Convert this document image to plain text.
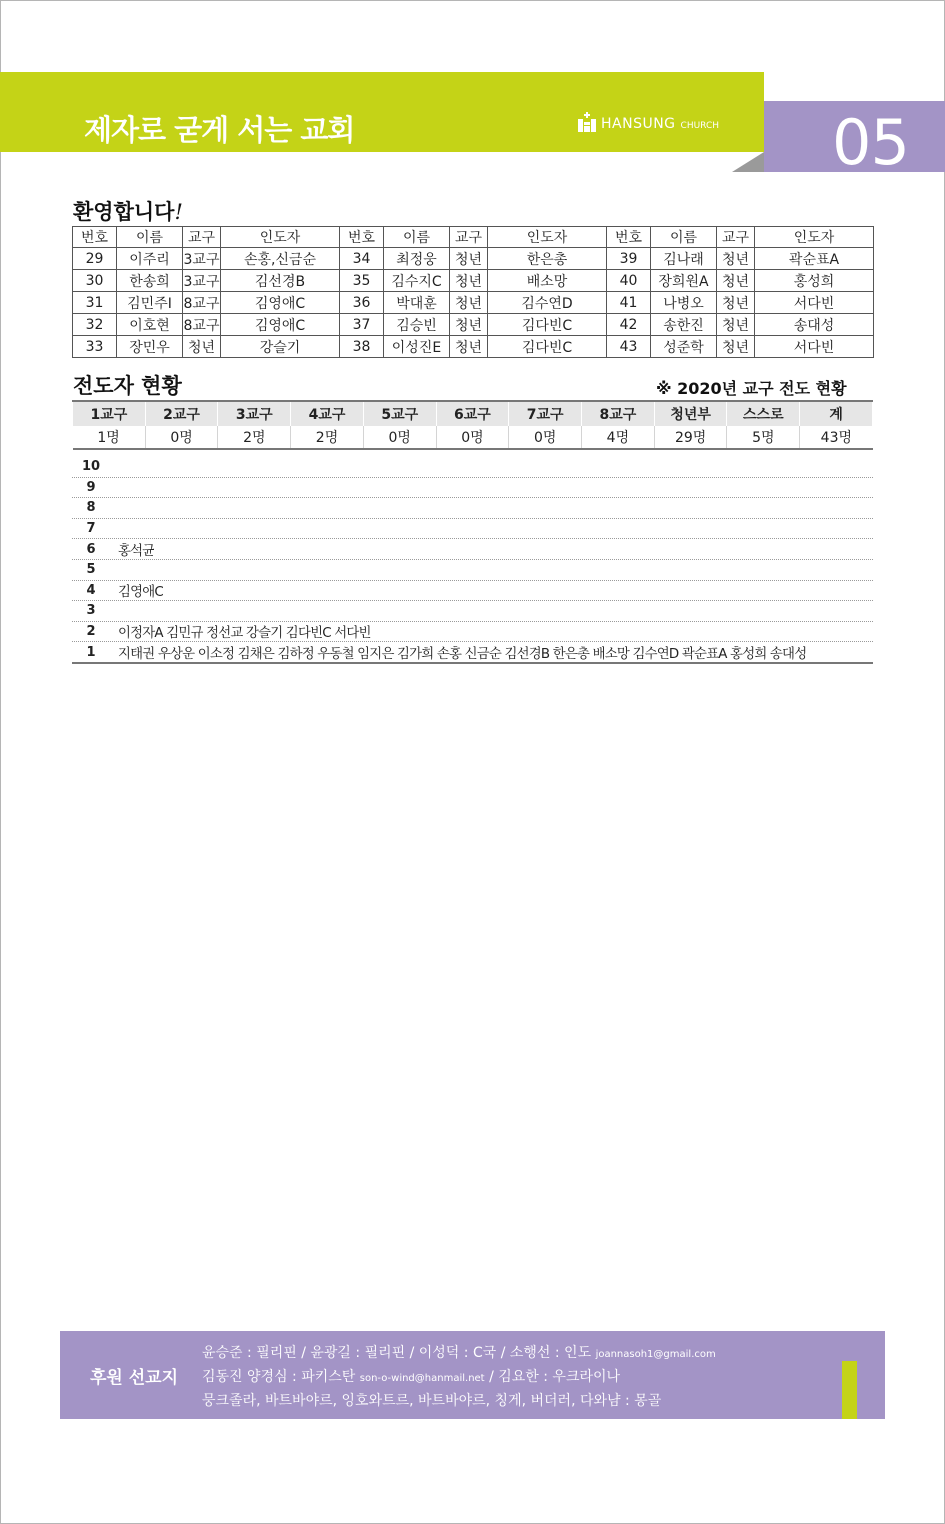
제자로 굳게 서는 교회	HANSUNG CHURCH 05
환영합니다!
번호	이름	교구	인도자	번호	이름	교구	인도자	번호	이름	교구	인도자
29	이주리	3교구	손홍,신금순	34	최정웅	청년	한은총	39	김나래	청년	곽순표A
30	한송희	3교구	김선경B	35	김수지C	청년	배소망	40	장희원A	청년	홍성희
31	김민주I	8교구	김영애C	36	박대훈	청년	김수연D	41	나병오	청년	서다빈
32	이호현	8교구	김영애C	37	김승빈	청년	김다빈C	42	송한진	청년	송대성
33	장민우	청년	강슬기	38	이성진E	청년	김다빈C	43	성준학	청년	서다빈
전도자 현황	※ 2020년 교구 전도 현황
1교구	2교구	3교구	4교구	5교구	6교구	7교구	8교구	청년부	스스로	계
1명	0명	2명	2명	0명	0명	0명	4명	29명	5명	43명
10
9
8
7
6	홍석균
5
4	김영애C
3
2	이정자A 김민규 정선교 강슬기 김다빈C 서다빈
1	지태권 우상운 이소정 김채은 김하정 우동철 임지은 김가희 손홍 신금순 김선경B 한은총 배소망 김수연D 곽순표A 홍성희 송대성
후원 선교지
윤승준 : 필리핀 / 윤광길 : 필리핀 / 이성덕 : C국 / 소행선 : 인도 joannasoh1@gmail.com
김동진 양경심 : 파키스탄 son-o-wind@hanmail.net / 김요한 : 우크라이나
뭉크졸라, 바트바야르, 잉호와트르, 바트바야르, 칭게, 버더러, 다와냠 : 몽골
